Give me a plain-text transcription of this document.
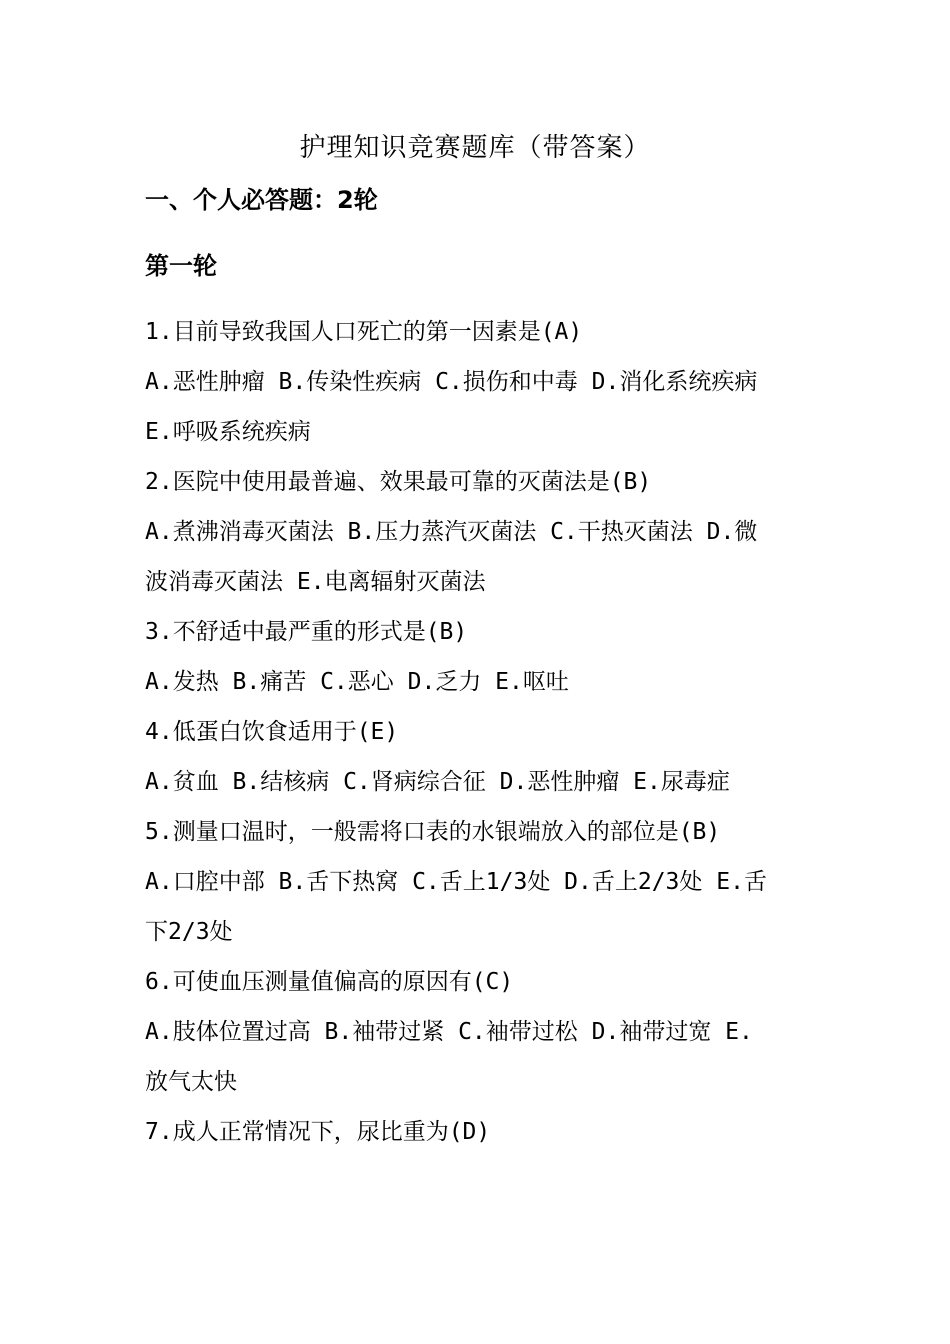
护理知识竞赛题库（带答案）
一、个人必答题：2轮
第一轮
1.目前导致我国人口死亡的第一因素是(A)
A.恶性肿瘤 B.传染性疾病 C.损伤和中毒 D.消化系统疾病
E.呼吸系统疾病
2.医院中使用最普遍、效果最可靠的灭菌法是(B)
A.煮沸消毒灭菌法 B.压力蒸汽灭菌法 C.干热灭菌法 D.微
波消毒灭菌法 E.电离辐射灭菌法
3.不舒适中最严重的形式是(B)
A.发热 B.痛苦 C.恶心 D.乏力 E.呕吐
4.低蛋白饮食适用于(E)
A.贫血 B.结核病 C.肾病综合征 D.恶性肿瘤 E.尿毒症
5.测量口温时，一般需将口表的水银端放入的部位是(B)
A.口腔中部 B.舌下热窝 C.舌上1/3处 D.舌上2/3处 E.舌
下2/3处
6.可使血压测量值偏高的原因有(C)
A.肢体位置过高 B.袖带过紧 C.袖带过松 D.袖带过宽 E.
放气太快
7.成人正常情况下，尿比重为(D)
